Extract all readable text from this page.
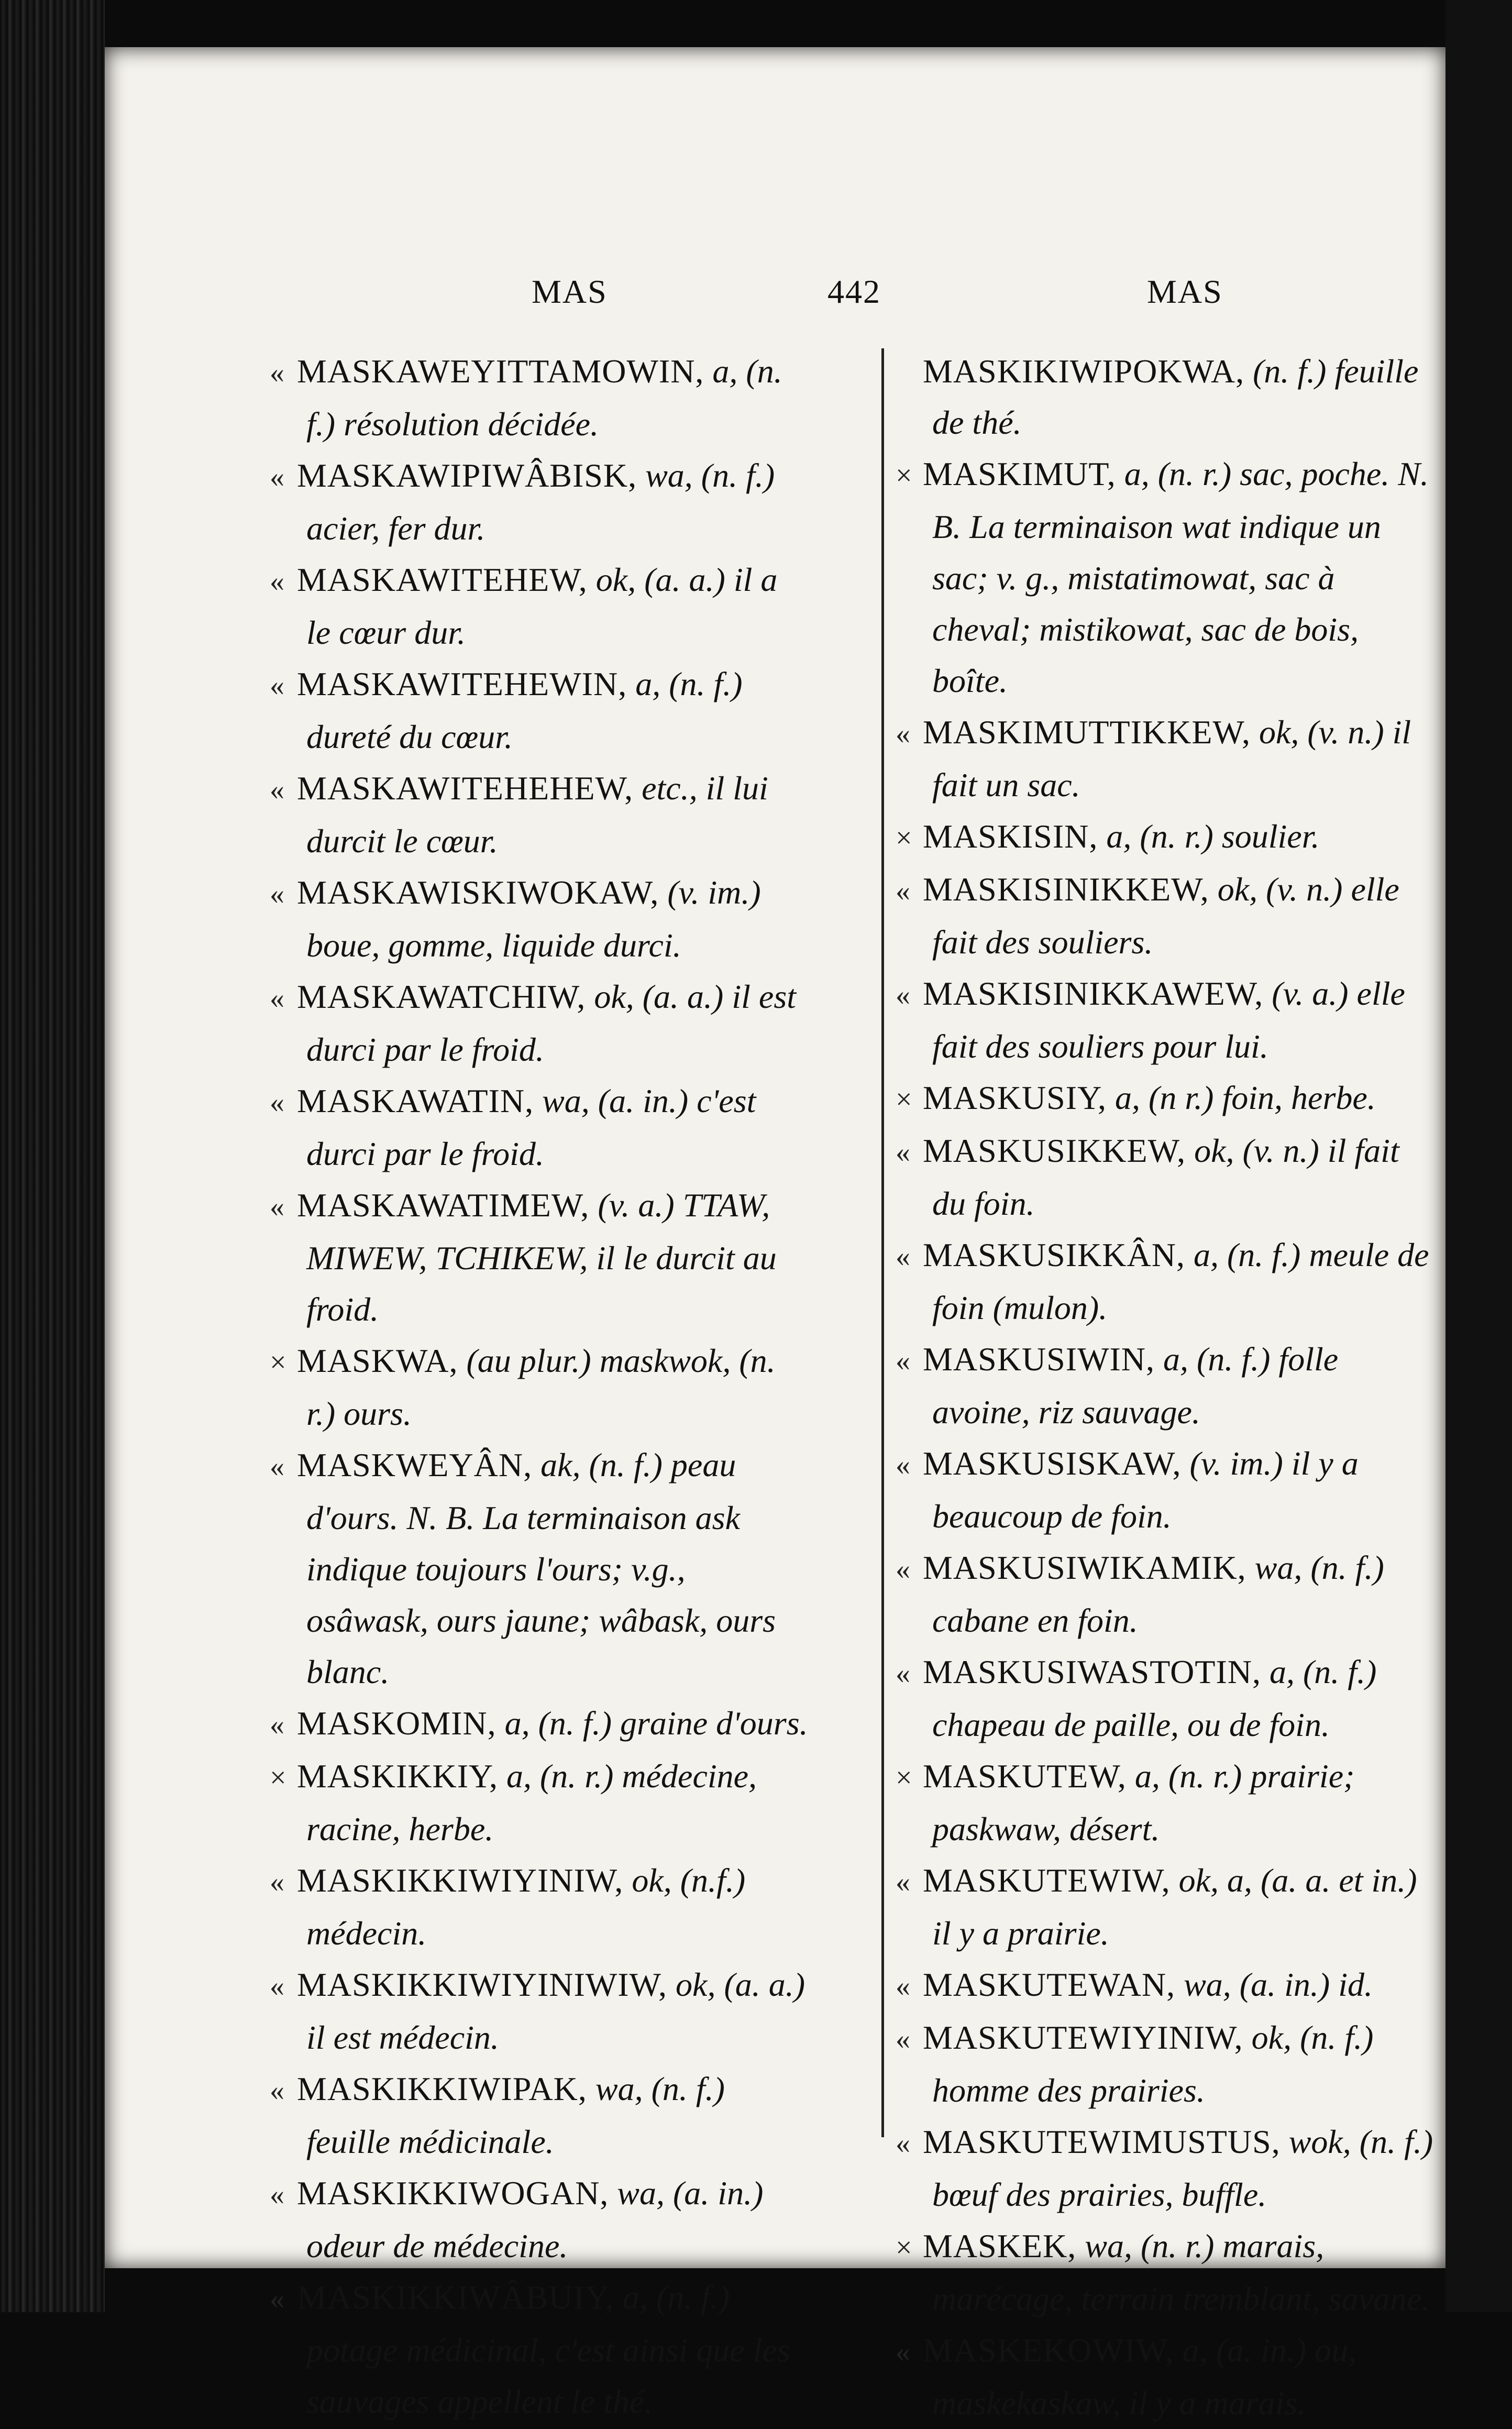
MAS	442	MAS

« MASKAWEYITTAMOWIN, a, (n. f.) résolution décidée.

« MASKAWIPIWÂBISK, wa, (n. f.) acier, fer dur.

« MASKAWITEHEW, ok, (a. a.) il a le cœur dur.

« MASKAWITEHEWIN, a, (n. f.) dureté du cœur.

« MASKAWITEHEHEW, etc., il lui durcit le cœur.

« MASKAWISKIWOKAW, (v. im.) boue, gomme, liquide durci.

« MASKAWATCHIW, ok, (a. a.) il est durci par le froid.

« MASKAWATIN, wa, (a. in.) c'est durci par le froid.

« MASKAWATIMEW, (v. a.) TTAW, MIWEW, TCHIKEW, il le durcit au froid.

× MASKWA, (au plur.) maskwok, (n. r.) ours.

« MASKWEYÂN, ak, (n. f.) peau d'ours. N. B. La terminaison ask indique toujours l'ours; v.g., osâwask, ours jaune; wâbask, ours blanc.

« MASKOMIN, a, (n. f.) graine d'ours.

× MASKIKKIY, a, (n. r.) médecine, racine, herbe.

« MASKIKKIWIYINIW, ok, (n.f.) médecin.

« MASKIKKIWIYINIWIW, ok, (a. a.) il est médecin.

« MASKIKKIWIPAK, wa, (n. f.) feuille médicinale.

« MASKIKKIWOGAN, wa, (a. in.) odeur de médecine.

« MASKIKKIWÂBUIY, a, (n. f.) potage médicinal, c'est ainsi que les sauvages appellent le thé.

MASKIKIWIPOKWA, (n. f.) feuille de thé.

× MASKIMUT, a, (n. r.) sac, poche. N. B. La terminaison wat indique un sac; v. g., mistatimowat, sac à cheval; mistikowat, sac de bois, boîte.

« MASKIMUTTIKKEW, ok, (v. n.) il fait un sac.

× MASKISIN, a, (n. r.) soulier.

« MASKISINIKKEW, ok, (v. n.) elle fait des souliers.

« MASKISINIKKAWEW, (v. a.) elle fait des souliers pour lui.

× MASKUSIY, a, (n r.) foin, herbe.

« MASKUSIKKEW, ok, (v. n.) il fait du foin.

« MASKUSIKKÂN, a, (n. f.) meule de foin (mulon).

« MASKUSIWIN, a, (n. f.) folle avoine, riz sauvage.

« MASKUSISKAW, (v. im.) il y a beaucoup de foin.

« MASKUSIWIKAMIK, wa, (n. f.) cabane en foin.

« MASKUSIWASTOTIN, a, (n. f.) chapeau de paille, ou de foin.

× MASKUTEW, a, (n. r.) prairie; paskwaw, désert.

« MASKUTEWIW, ok, a, (a. a. et in.) il y a prairie.

« MASKUTEWAN, wa, (a. in.) id.

« MASKUTEWIYINIW, ok, (n. f.) homme des prairies.

« MASKUTEWIMUSTUS, wok, (n. f.) bœuf des prairies, buffle.

× MASKEK, wa, (n. r.) marais, marécage, terrain tremblant, savane.

« MASKEKOWIW, a, (a. in.) ou, maskekaskaw, il y a marais.
